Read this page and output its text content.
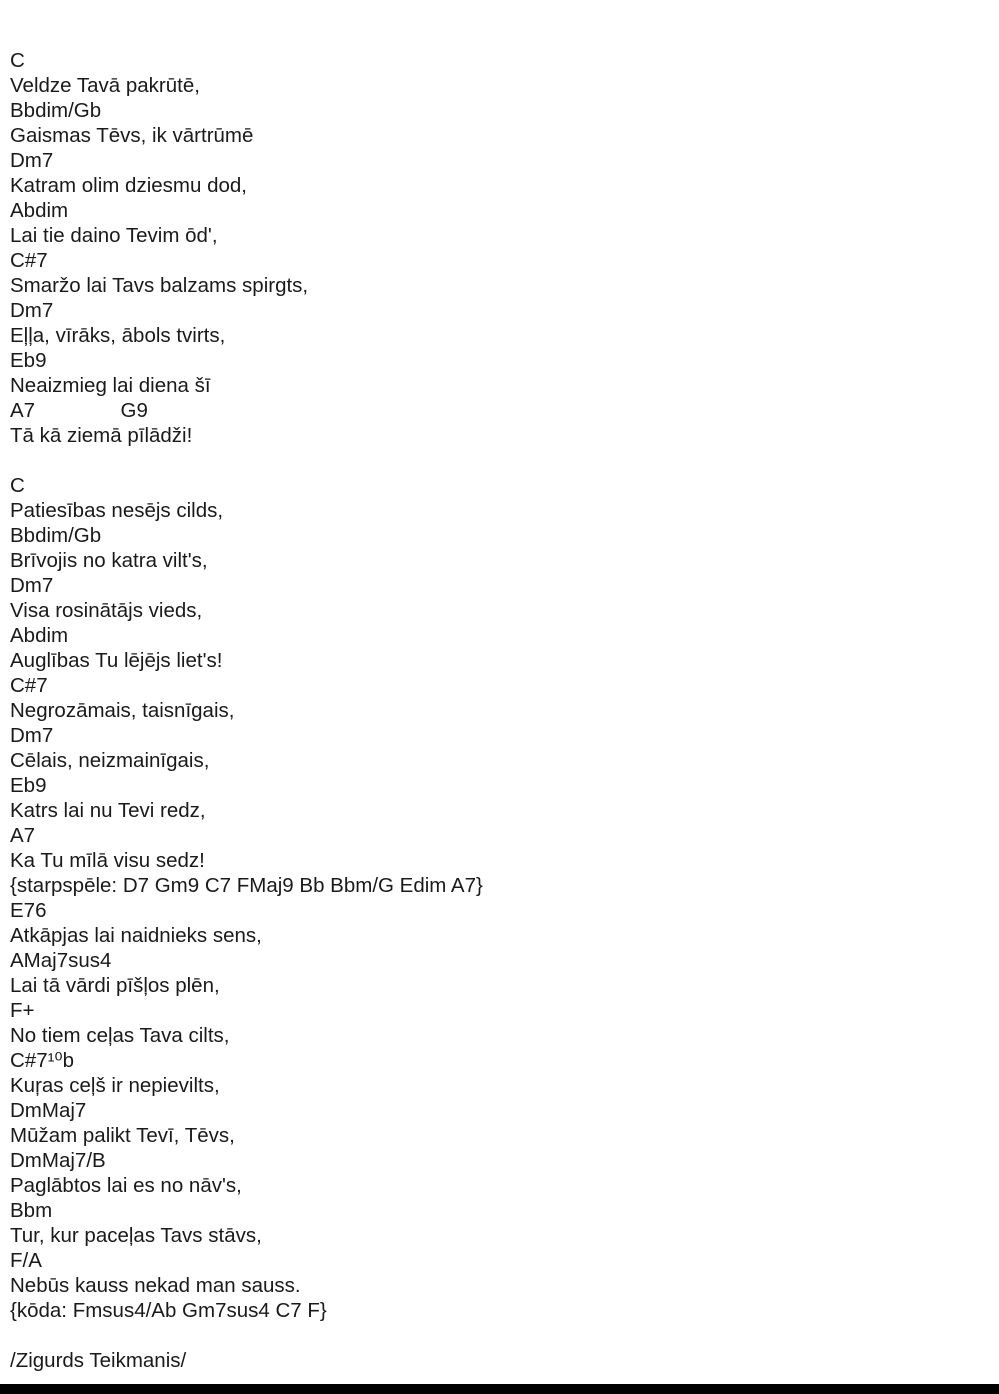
C
Veldze Tavā pakrūtē,
Bbdim/Gb
Gaismas Tēvs, ik vārtrūmē
Dm7
Katram olim dziesmu dod,
Abdim
Lai tie daino Tevim ōd',
C#7
Smaržo lai Tavs balzams spirgts,
Dm7
Eļļa, vīrāks, ābols tvirts,
Eb9
Neaizmieg lai diena šī
A7               G9
Tā kā ziemā pīlādži!
C
Patiesības nesējs cilds,
Bbdim/Gb
Brīvojis no katra vilt's,
Dm7
Visa rosinātājs vieds,
Abdim
Auglības Tu lējējs liet's!
C#7
Negrozāmais, taisnīgais,
Dm7
Cēlais, neizmainīgais,
Eb9
Katrs lai nu Tevi redz,
A7
Ka Tu mīlā visu sedz!
{starpspēle: D7 Gm9 C7 FMaj9 Bb Bbm/G Edim A7}
E76
Atkāpjas lai naidnieks sens,
AMaj7sus4
Lai tā vārdi pīšļos plēn,
F+
No tiem ceļas Tava cilts,
C#7¹⁰b
Kuŗas ceļš ir nepievilts,
DmMaj7
Mūžam palikt Tevī, Tēvs,
DmMaj7/B
Paglābtos lai es no nāv's,
Bbm
Tur, kur paceļas Tavs stāvs,
F/A
Nebūs kauss nekad man sauss.
{kōda: Fmsus4/Ab Gm7sus4 C7 F}
/Zigurds Teikmanis/
